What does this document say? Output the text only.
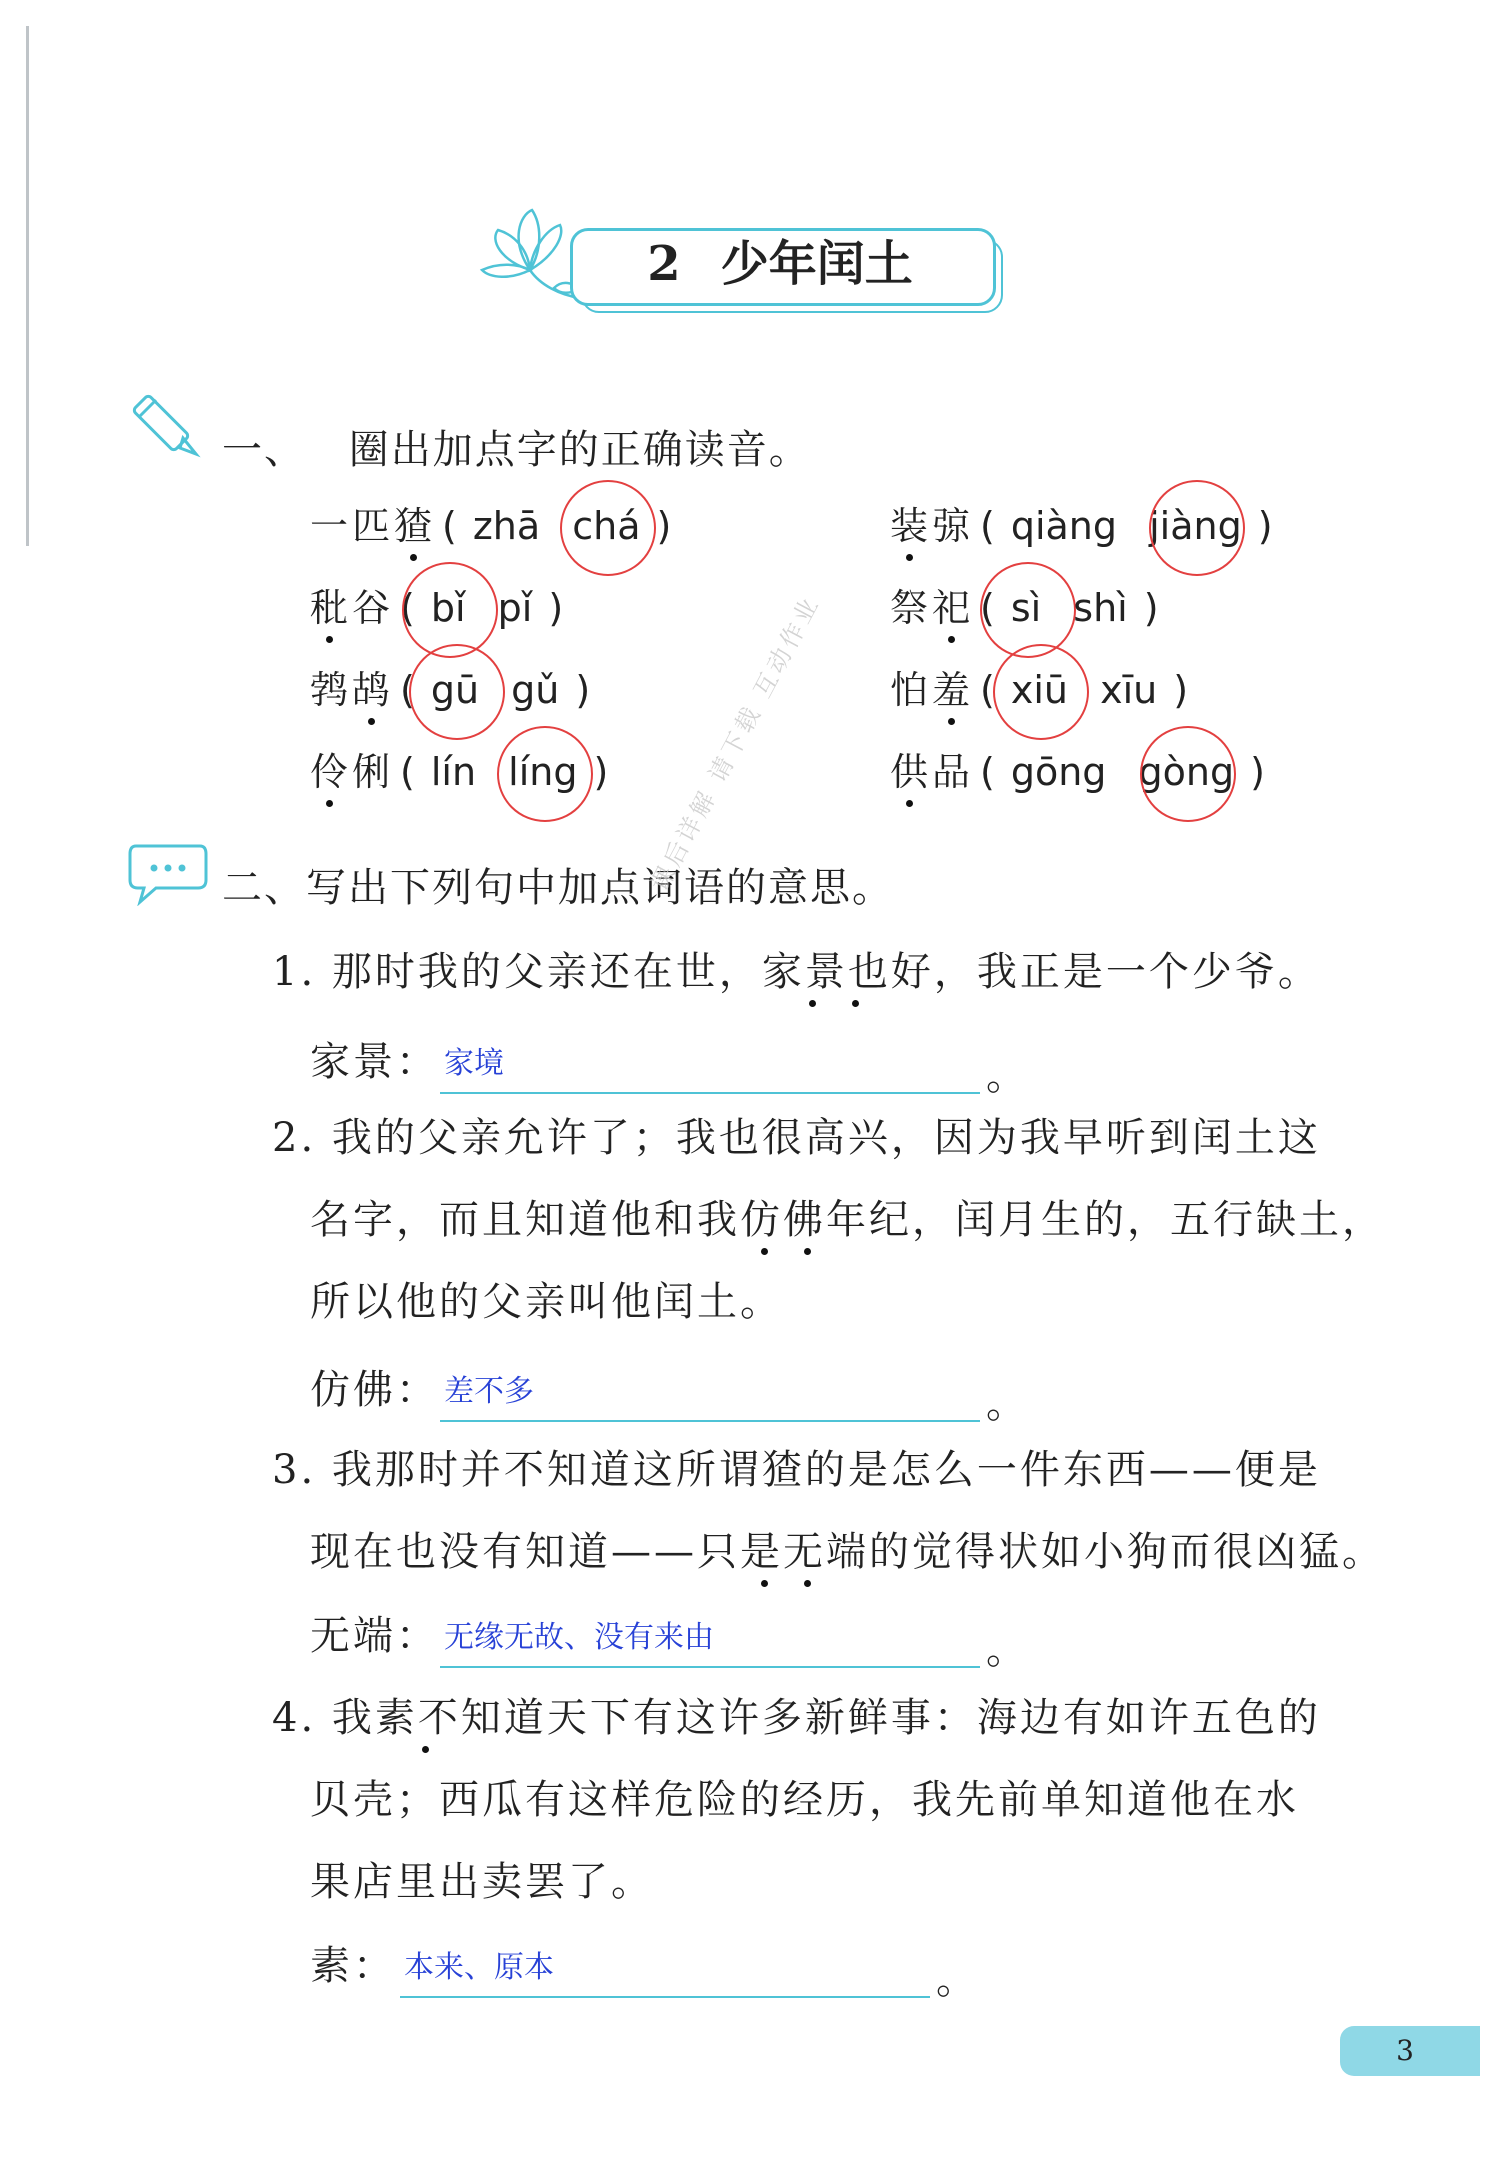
2 少年闰土
一、 圈出加点字的正确读音。
一匹猹 ( zhā chá )	装弶 ( qiàng jiàng )
秕谷 ( bǐ pǐ )	祭祀 ( sì shì )
鹁鸪 ( gū gǔ )	怕羞 ( xiū xīu )
伶俐 ( lín líng )	供品 ( gōng gòng )
二、写出下列句中加点词语的意思。
1. 那时我的父亲还在世，家景也好，我正是一个少爷。
家景： 家境	。
2. 我的父亲允许了；我也很高兴，因为我早听到闰土这
名字，而且知道他和我仿佛年纪，闰月生的，五行缺土，
所以他的父亲叫他闰土。
仿佛： 差不多	。
3. 我那时并不知道这所谓猹的是怎么一件东西——便是
现在也没有知道——只是无端的觉得状如小狗而很凶猛。
无端： 无缘无故、没有来由	。
4. 我素不知道天下有这许多新鲜事：海边有如许五色的
贝壳；西瓜有这样危险的经历，我先前单知道他在水
果店里出卖罢了。
素： 本来、原本	。
课后详解 请下载 互动作业
3
